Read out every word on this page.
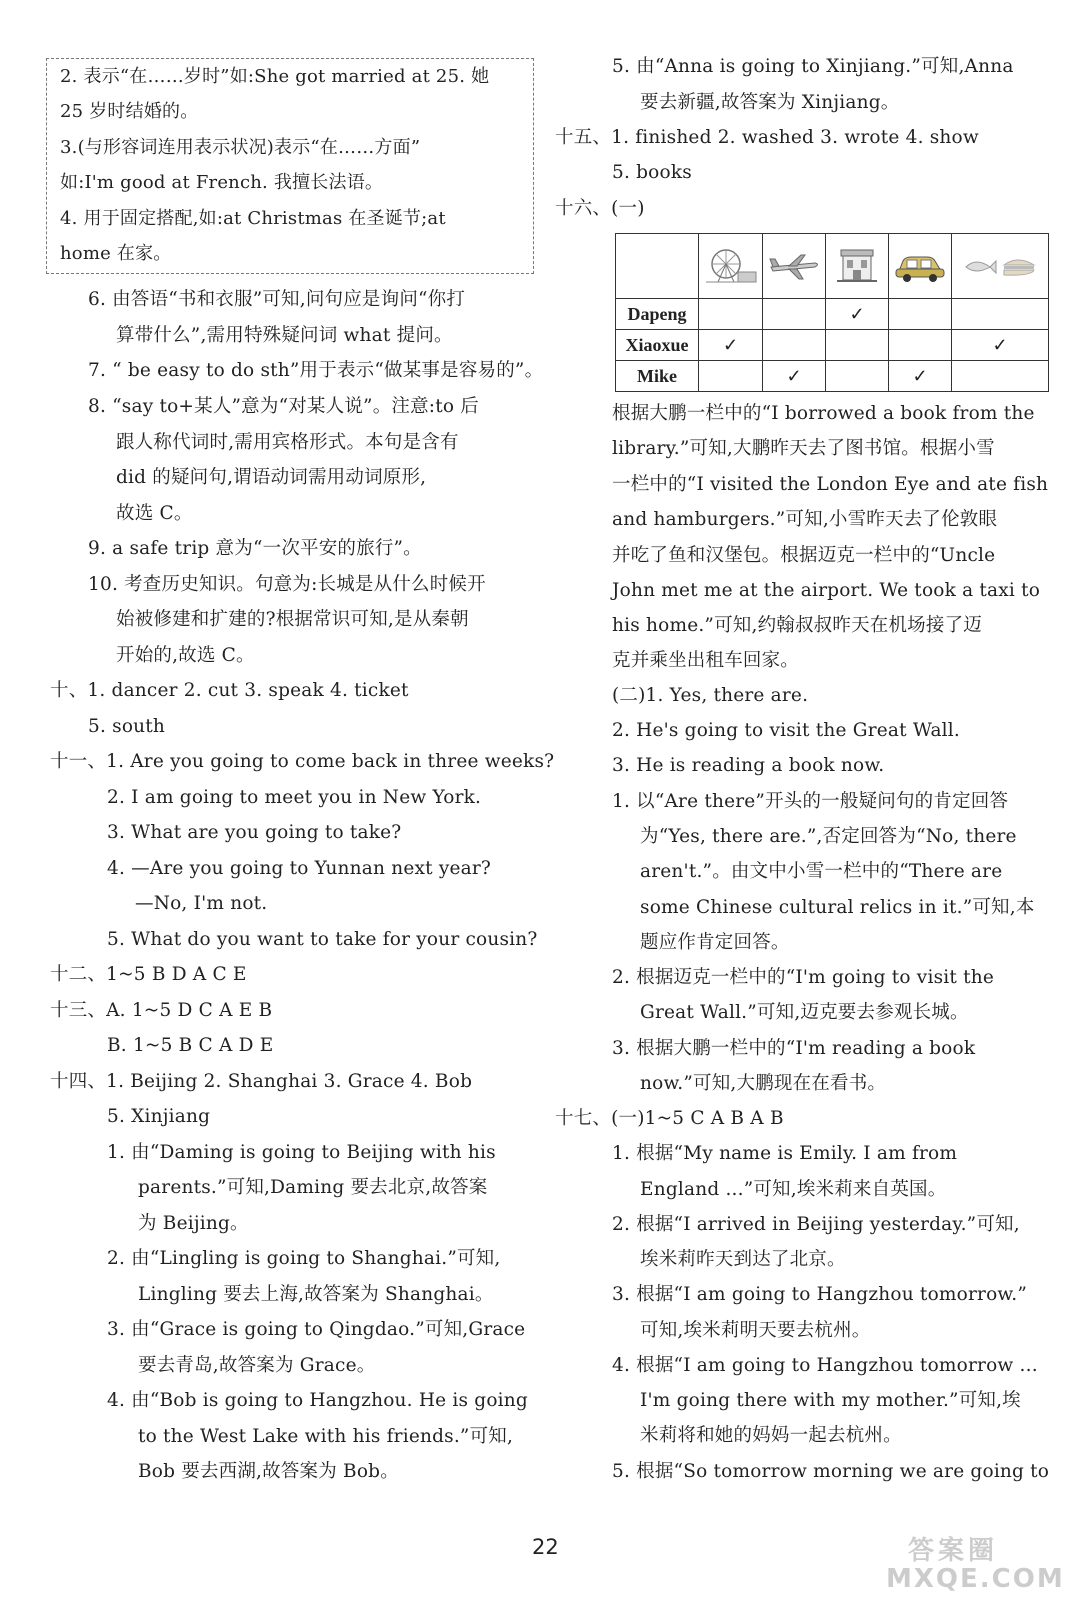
2. 表示“在……岁时”如:She got married at 25. 她
25 岁时结婚的。
3.(与形容词连用表示状况)表示“在……方面”
如:I'm good at French. 我擅长法语。
4. 用于固定搭配,如:at Christmas 在圣诞节;at
home 在家。
6. 由答语“书和衣服”可知,问句应是询问“你打
算带什么”,需用特殊疑问词 what 提问。
7. “ be easy to do sth”用于表示“做某事是容易的”。
8. “say to+某人”意为“对某人说”。注意:to 后
跟人称代词时,需用宾格形式。本句是含有
did 的疑问句,谓语动词需用动词原形,
故选 C。
9. a safe trip 意为“一次平安的旅行”。
10. 考查历史知识。句意为:长城是从什么时候开
始被修建和扩建的?根据常识可知,是从秦朝
开始的,故选 C。
十、1. dancer 2. cut 3. speak 4. ticket
5. south
十一、1. Are you going to come back in three weeks?
2. I am going to meet you in New York.
3. What are you going to take?
4. —Are you going to Yunnan next year?
—No, I'm not.
5. What do you want to take for your cousin?
十二、1~5 B D A C E
十三、A. 1~5 D C A E B
B. 1~5 B C A D E
十四、1. Beijing 2. Shanghai 3. Grace 4. Bob
5. Xinjiang
1. 由“Daming is going to Beijing with his
parents.”可知,Daming 要去北京,故答案
为 Beijing。
2. 由“Lingling is going to Shanghai.”可知,
Lingling 要去上海,故答案为 Shanghai。
3. 由“Grace is going to Qingdao.”可知,Grace
要去青岛,故答案为 Grace。
4. 由“Bob is going to Hangzhou. He is going
to the West Lake with his friends.”可知,
Bob 要去西湖,故答案为 Bob。
5. 由“Anna is going to Xinjiang.”可知,Anna
要去新疆,故答案为 Xinjiang。
十五、1. finished 2. washed 3. wrote 4. show
5. books
十六、(一)

Dapeng			✓		
Xiaoxue	✓				✓
Mike		✓		✓	
根据大鹏一栏中的“I borrowed a book from the
library.”可知,大鹏昨天去了图书馆。根据小雪
一栏中的“I visited the London Eye and ate fish
and hamburgers.”可知,小雪昨天去了伦敦眼
并吃了鱼和汉堡包。根据迈克一栏中的“Uncle
John met me at the airport. We took a taxi to
his home.”可知,约翰叔叔昨天在机场接了迈
克并乘坐出租车回家。
(二)1. Yes, there are.
2. He's going to visit the Great Wall.
3. He is reading a book now.
1. 以“Are there”开头的一般疑问句的肯定回答
为“Yes, there are.”,否定回答为“No, there
aren't.”。由文中小雪一栏中的“There are
some Chinese cultural relics in it.”可知,本
题应作肯定回答。
2. 根据迈克一栏中的“I'm going to visit the
Great Wall.”可知,迈克要去参观长城。
3. 根据大鹏一栏中的“I'm reading a book
now.”可知,大鹏现在在看书。
十七、(一)1~5 C A B A B
1. 根据“My name is Emily. I am from
England ...”可知,埃米莉来自英国。
2. 根据“I arrived in Beijing yesterday.”可知,
埃米莉昨天到达了北京。
3. 根据“I am going to Hangzhou tomorrow.”
可知,埃米莉明天要去杭州。
4. 根据“I am going to Hangzhou tomorrow ...
I'm going there with my mother.”可知,埃
米莉将和她的妈妈一起去杭州。
5. 根据“So tomorrow morning we are going to
22	答案圈
MXQE.COM
